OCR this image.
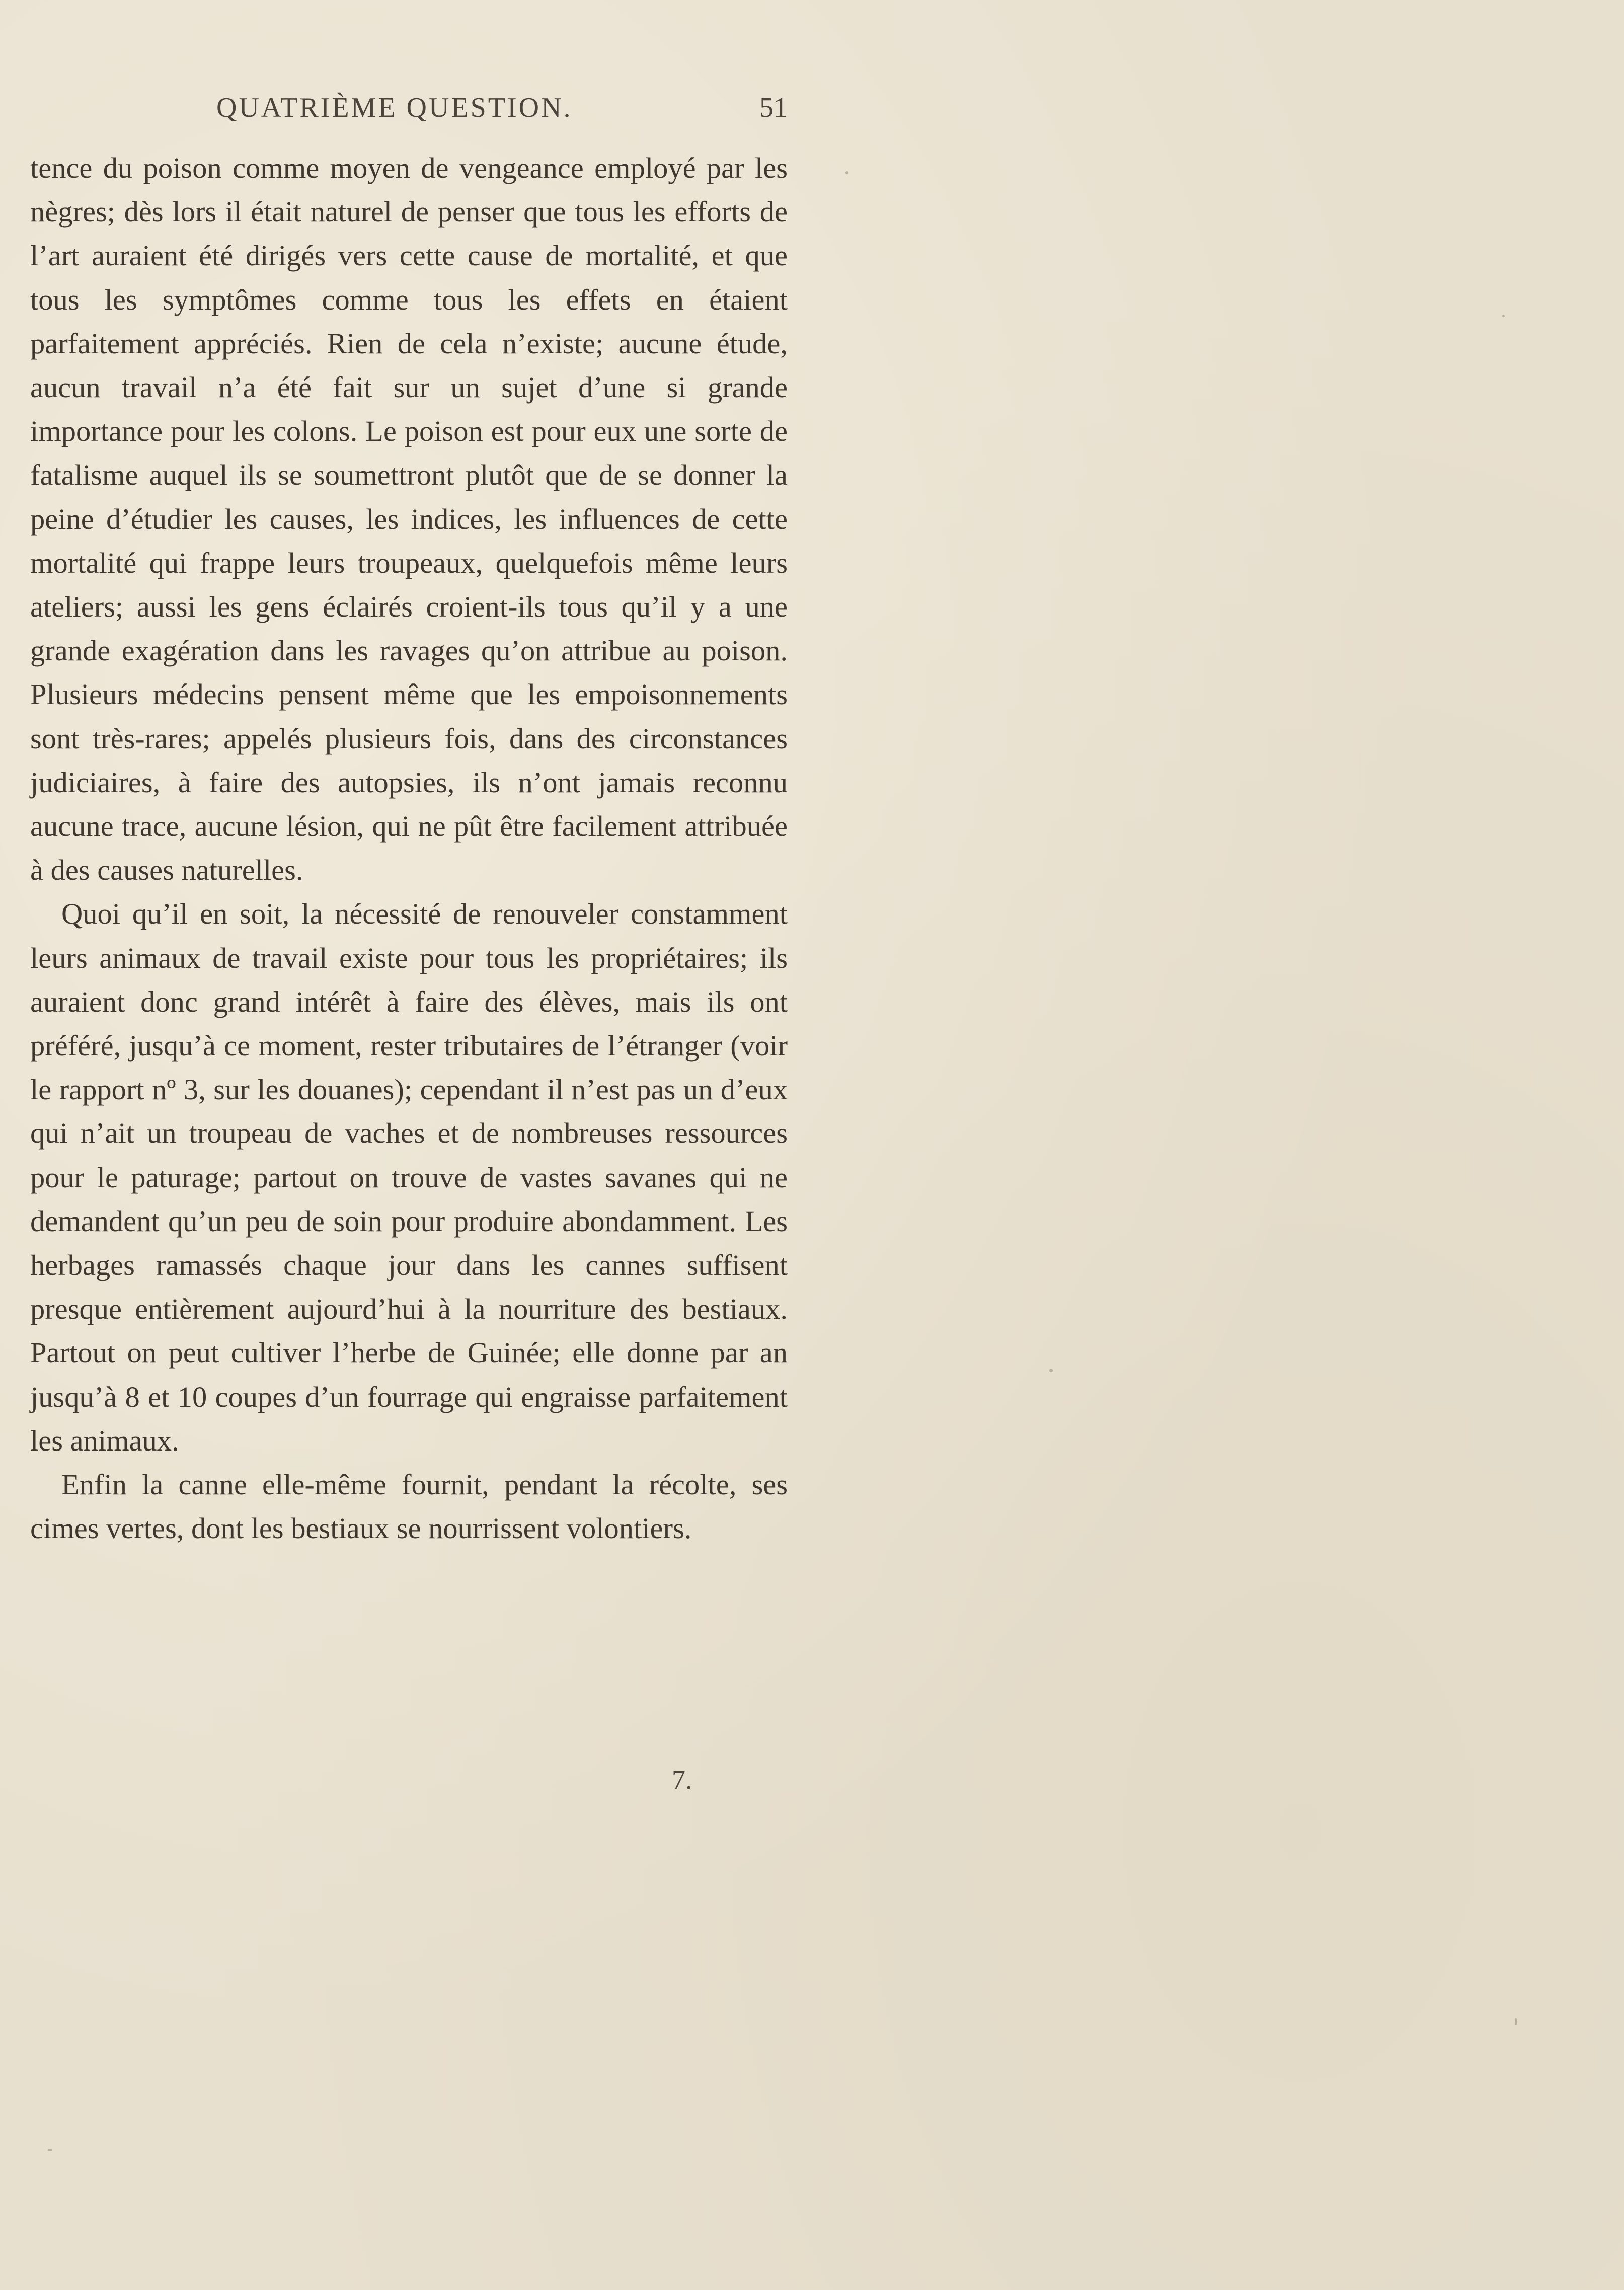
QUATRIÈME QUESTION.	51

tence du poison comme moyen de vengeance employé par les nègres; dès lors il était naturel de penser que tous les efforts de l’art auraient été dirigés vers cette cause de mortalité, et que tous les symptômes comme tous les effets en étaient parfaitement appréciés. Rien de cela n’existe; aucune étude, aucun travail n’a été fait sur un sujet d’une si grande importance pour les colons. Le poison est pour eux une sorte de fatalisme auquel ils se soumettront plutôt que de se donner la peine d’étudier les causes, les indices, les influences de cette mortalité qui frappe leurs troupeaux, quelquefois même leurs ateliers; aussi les gens éclairés croient-ils tous qu’il y a une grande exagération dans les ravages qu’on attribue au poison. Plusieurs médecins pensent même que les empoisonnements sont très-rares; appelés plusieurs fois, dans des circonstances judiciaires, à faire des autopsies, ils n’ont jamais reconnu aucune trace, aucune lésion, qui ne pût être facilement attribuée à des causes naturelles.

Quoi qu’il en soit, la nécessité de renouveler constamment leurs animaux de travail existe pour tous les propriétaires; ils auraient donc grand intérêt à faire des élèves, mais ils ont préféré, jusqu’à ce moment, rester tributaires de l’étranger (voir le rapport nº 3, sur les douanes); cependant il n’est pas un d’eux qui n’ait un troupeau de vaches et de nombreuses ressources pour le paturage; partout on trouve de vastes savanes qui ne demandent qu’un peu de soin pour produire abondamment. Les herbages ramassés chaque jour dans les cannes suffisent presque entièrement aujourd’hui à la nourriture des bestiaux. Partout on peut cultiver l’herbe de Guinée; elle donne par an jusqu’à 8 et 10 coupes d’un fourrage qui engraisse parfaitement les animaux.

Enfin la canne elle-même fournit, pendant la récolte, ses cimes vertes, dont les bestiaux se nourrissent volontiers.

7.
